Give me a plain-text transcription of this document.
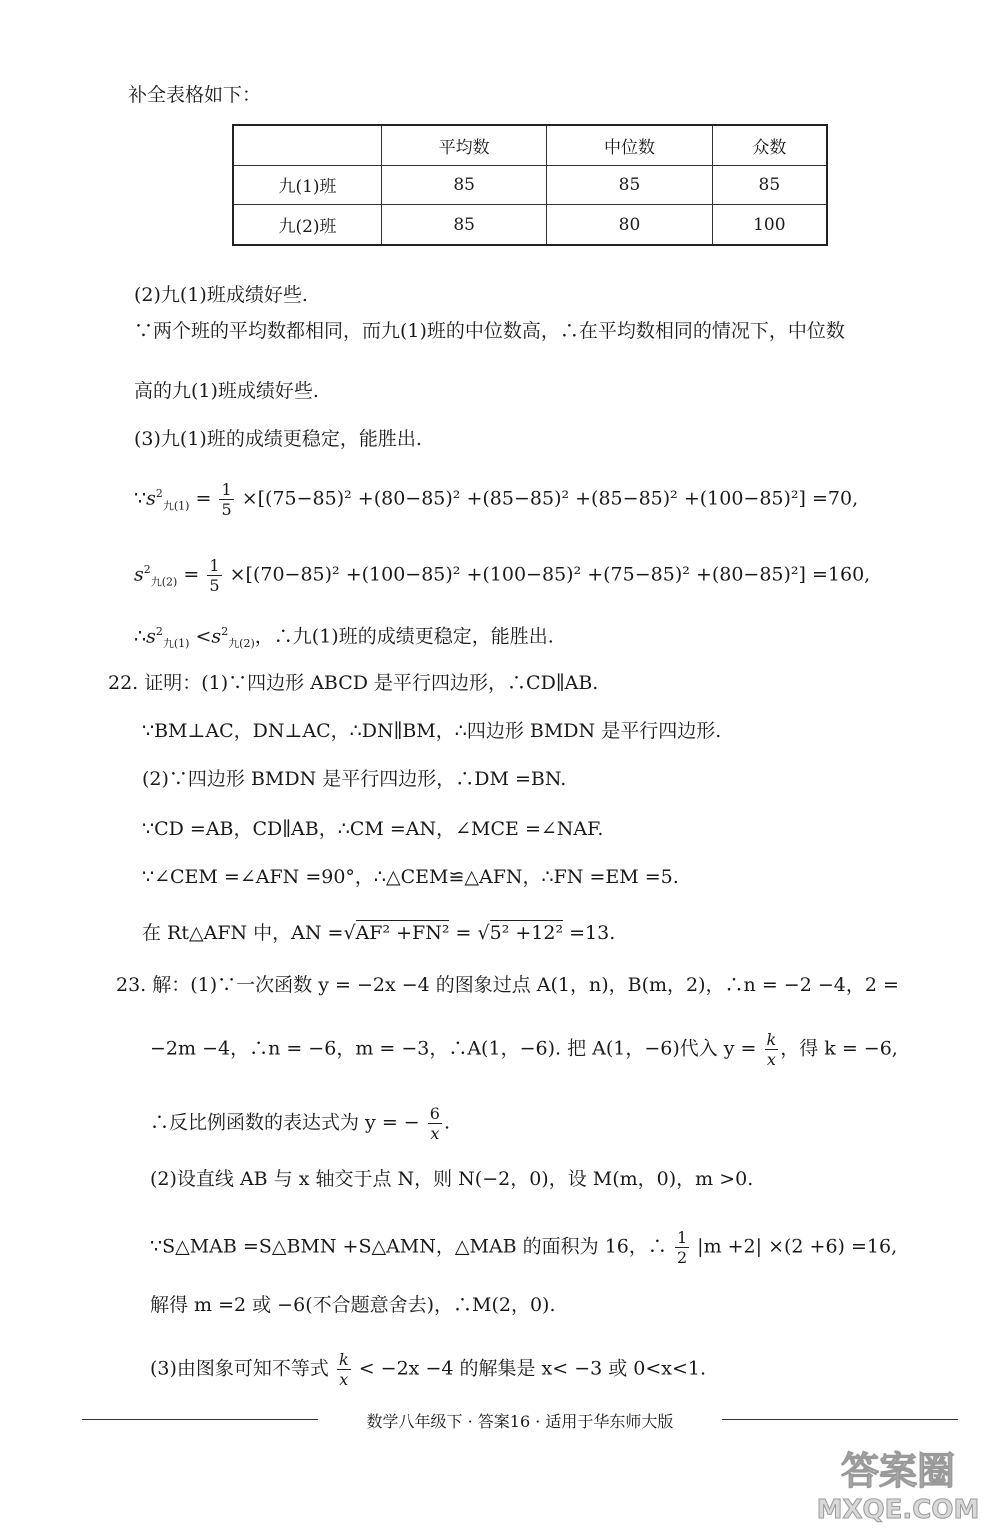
补全表格如下：
	平均数	中位数	众数
九(1)班	85	85	85
九(2)班	85	80	100
(2)九(1)班成绩好些.
∵两个班的平均数都相同，而九(1)班的中位数高，∴在平均数相同的情况下，中位数
高的九(1)班成绩好些.
(3)九(1)班的成绩更稳定，能胜出.
$\because s^2_{九(1)} = \frac{1}{5} \times[(75-85)^2 +(80-85)^2 +(85-85)^2 +(85-85)^2 +(100-85)^2] =70$,
$s^2_{九(2)} = \frac{1}{5} \times[(70-85)^2 +(100-85)^2 +(100-85)^2 +(75-85)^2 +(80-85)^2] =160$,
$\therefore s^2_{九(1)} <s^2_{九(2)}$，∴九(1)班的成绩更稳定，能胜出.
22. 证明：(1)∵四边形 ABCD 是平行四边形，∴CD∥AB.
∵BM⊥AC，DN⊥AC，∴DN∥BM，∴四边形 BMDN 是平行四边形.
(2)∵四边形 BMDN 是平行四边形，∴DM =BN.
∵CD =AB，CD∥AB，∴CM =AN，∠MCE =∠NAF.
∵∠CEM =∠AFN =90°，∴△CEM≌△AFN，∴FN =EM =5.
在 Rt△AFN 中，AN =√AF² +FN² = √5² +12² =13.
23. 解：(1)∵一次函数 y = −2x −4 的图象过点 A(1，n)，B(m，2)，∴n = −2 −4，2 =
−2m −4，∴n = −6，m = −3，∴A(1，−6). 把 A(1，−6)代入 $y = \frac{k}{x}$ ，得 k = −6,
∴反比例函数的表达式为 y = − $\frac{6}{x}$ .
(2)设直线 AB 与 x 轴交于点 N，则 N(−2，0)，设 M(m，0)，m >0.
∵S△MAB =S△BMN +S△AMN，△MAB 的面积为 16，∴ $\frac{1}{2} |m +2| \times(2 +6) =16$,
解得 m =2 或 −6(不合题意舍去)，∴M(2，0).
(3)由图象可知不等式 $\frac{k}{x} < -2x -4$ 的解集是 x< −3 或 0<x<1.
数学八年级下 · 答案16 · 适用于华东师大版
答案圈
MXQE.COM
